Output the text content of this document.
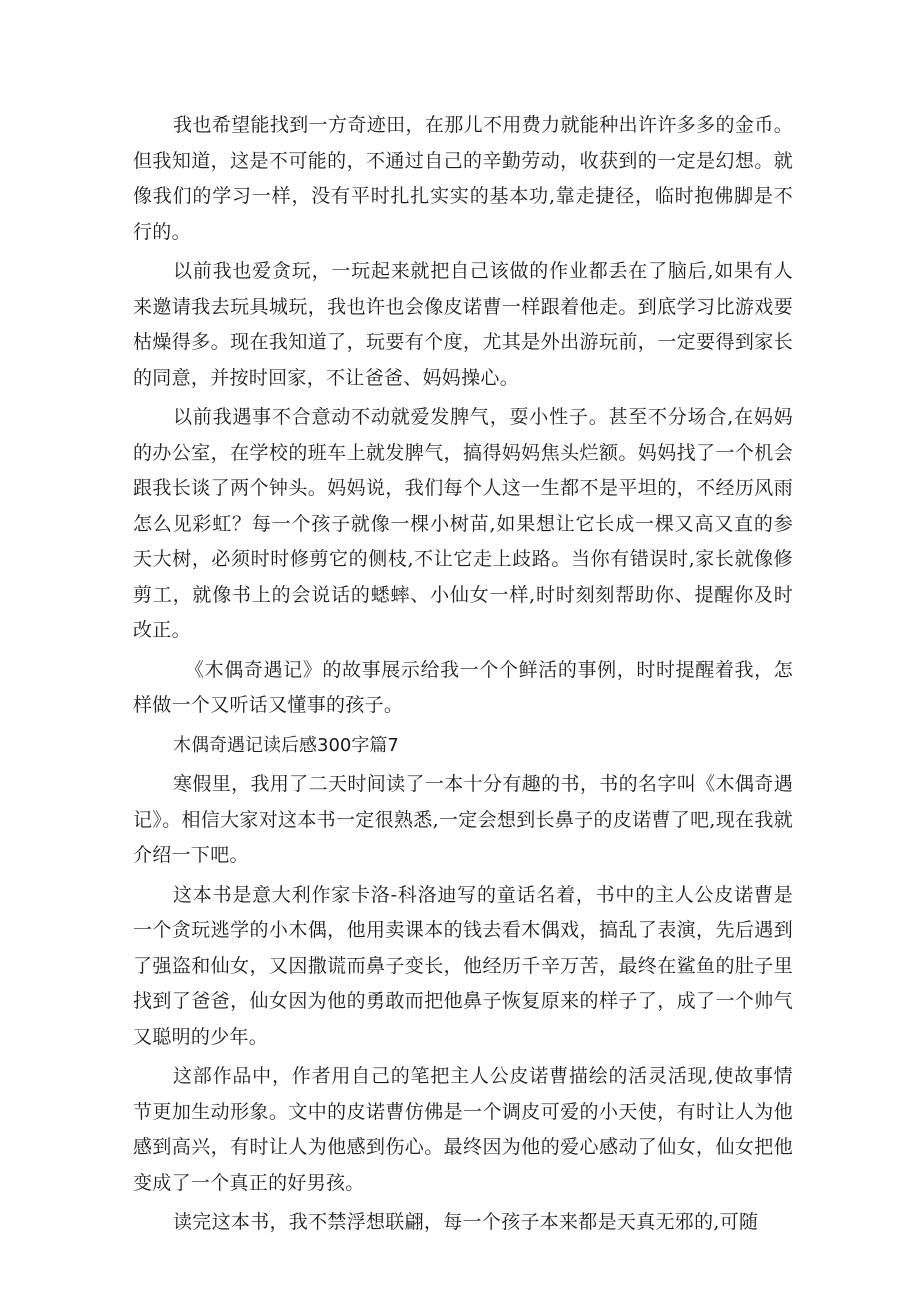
我也希望能找到一方奇迹田，在那儿不用费力就能种出许许多多的金币。但我知道，这是不可能的，不通过自己的辛勤劳动，收获到的一定是幻想。就像我们的学习一样，没有平时扎扎实实的基本功,靠走捷径，临时抱佛脚是不行的。

以前我也爱贪玩，一玩起来就把自己该做的作业都丢在了脑后,如果有人来邀请我去玩具城玩，我也许也会像皮诺曹一样跟着他走。到底学习比游戏要枯燥得多。现在我知道了，玩要有个度，尤其是外出游玩前，一定要得到家长的同意，并按时回家，不让爸爸、妈妈操心。

以前我遇事不合意动不动就爱发脾气，耍小性子。甚至不分场合,在妈妈的办公室，在学校的班车上就发脾气，搞得妈妈焦头烂额。妈妈找了一个机会跟我长谈了两个钟头。妈妈说，我们每个人这一生都不是平坦的，不经历风雨怎么见彩虹？每一个孩子就像一棵小树苗,如果想让它长成一棵又高又直的参天大树，必须时时修剪它的侧枝,不让它走上歧路。当你有错误时,家长就像修剪工，就像书上的会说话的蟋蟀、小仙女一样,时时刻刻帮助你、提醒你及时改正。

《木偶奇遇记》的故事展示给我一个个鲜活的事例，时时提醒着我，怎样做一个又听话又懂事的孩子。

木偶奇遇记读后感300字篇7

寒假里，我用了二天时间读了一本十分有趣的书，书的名字叫《木偶奇遇记》。相信大家对这本书一定很熟悉,一定会想到长鼻子的皮诺曹了吧,现在我就介绍一下吧。

这本书是意大利作家卡洛-科洛迪写的童话名着，书中的主人公皮诺曹是一个贪玩逃学的小木偶，他用卖课本的钱去看木偶戏，搞乱了表演，先后遇到了强盗和仙女，又因撒谎而鼻子变长，他经历千辛万苦，最终在鲨鱼的肚子里找到了爸爸，仙女因为他的勇敢而把他鼻子恢复原来的样子了，成了一个帅气又聪明的少年。

这部作品中，作者用自己的笔把主人公皮诺曹描绘的活灵活现,使故事情节更加生动形象。文中的皮诺曹仿佛是一个调皮可爱的小天使，有时让人为他感到高兴，有时让人为他感到伤心。最终因为他的爱心感动了仙女，仙女把他变成了一个真正的好男孩。

读完这本书，我不禁浮想联翩，每一个孩子本来都是天真无邪的,可随
